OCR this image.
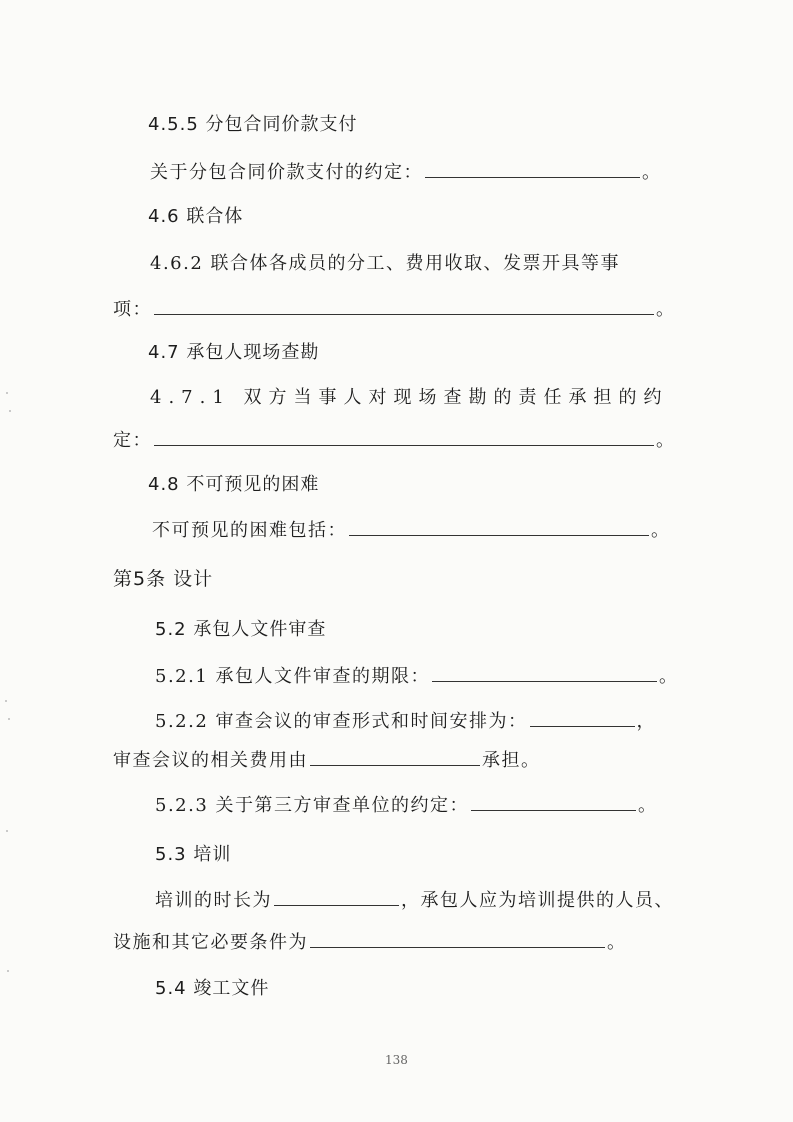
4.5.5 分包合同价款支付
关于分包合同价款支付的约定：	。
4.6 联合体
4.6.2 联合体各成员的分工、费用收取、发票开具等事
项：	。
4.7 承包人现场查勘
4.7.1 双方当事人对现场查勘的责任承担的约
定：	。
4.8 不可预见的困难
不可预见的困难包括：	。
第5条 设计
5.2 承包人文件审查
5.2.1 承包人文件审查的期限：	。
5.2.2 审查会议的审查形式和时间安排为：	，
审查会议的相关费用由	承担。
5.2.3 关于第三方审查单位的约定：	。
5.3 培训
培训的时长为	，承包人应为培训提供的人员、
设施和其它必要条件为	。
5.4 竣工文件
138
